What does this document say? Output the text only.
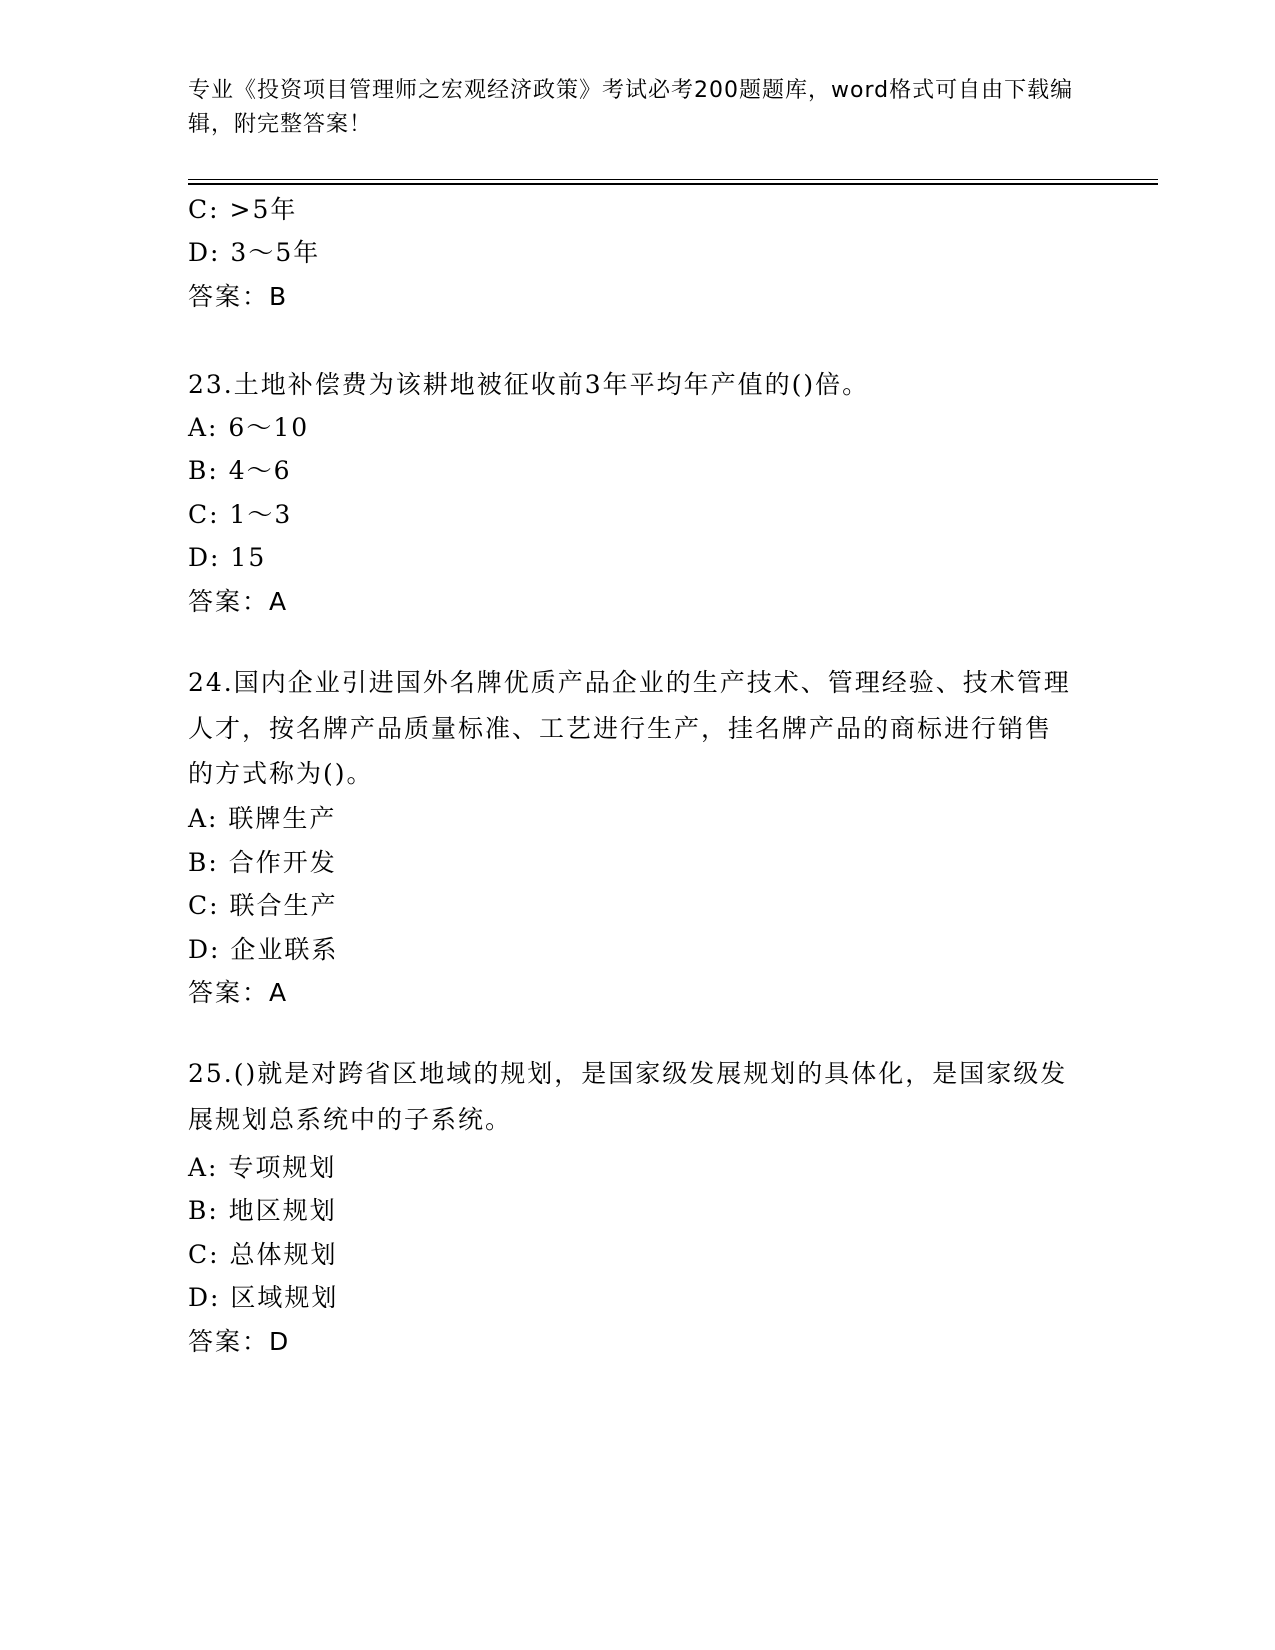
专业《投资项目管理师之宏观经济政策》考试必考200题题库，word格式可自由下载编辑，附完整答案！
C: >5年
D: 3～5年
答案：B
23.土地补偿费为该耕地被征收前3年平均年产值的()倍。
A: 6～10
B: 4～6
C: 1～3
D: 15
答案：A
24.国内企业引进国外名牌优质产品企业的生产技术、管理经验、技术管理人才，按名牌产品质量标准、工艺进行生产，挂名牌产品的商标进行销售的方式称为()。
A: 联牌生产
B: 合作开发
C: 联合生产
D: 企业联系
答案：A
25.()就是对跨省区地域的规划，是国家级发展规划的具体化，是国家级发展规划总系统中的子系统。
A: 专项规划
B: 地区规划
C: 总体规划
D: 区域规划
答案：D
